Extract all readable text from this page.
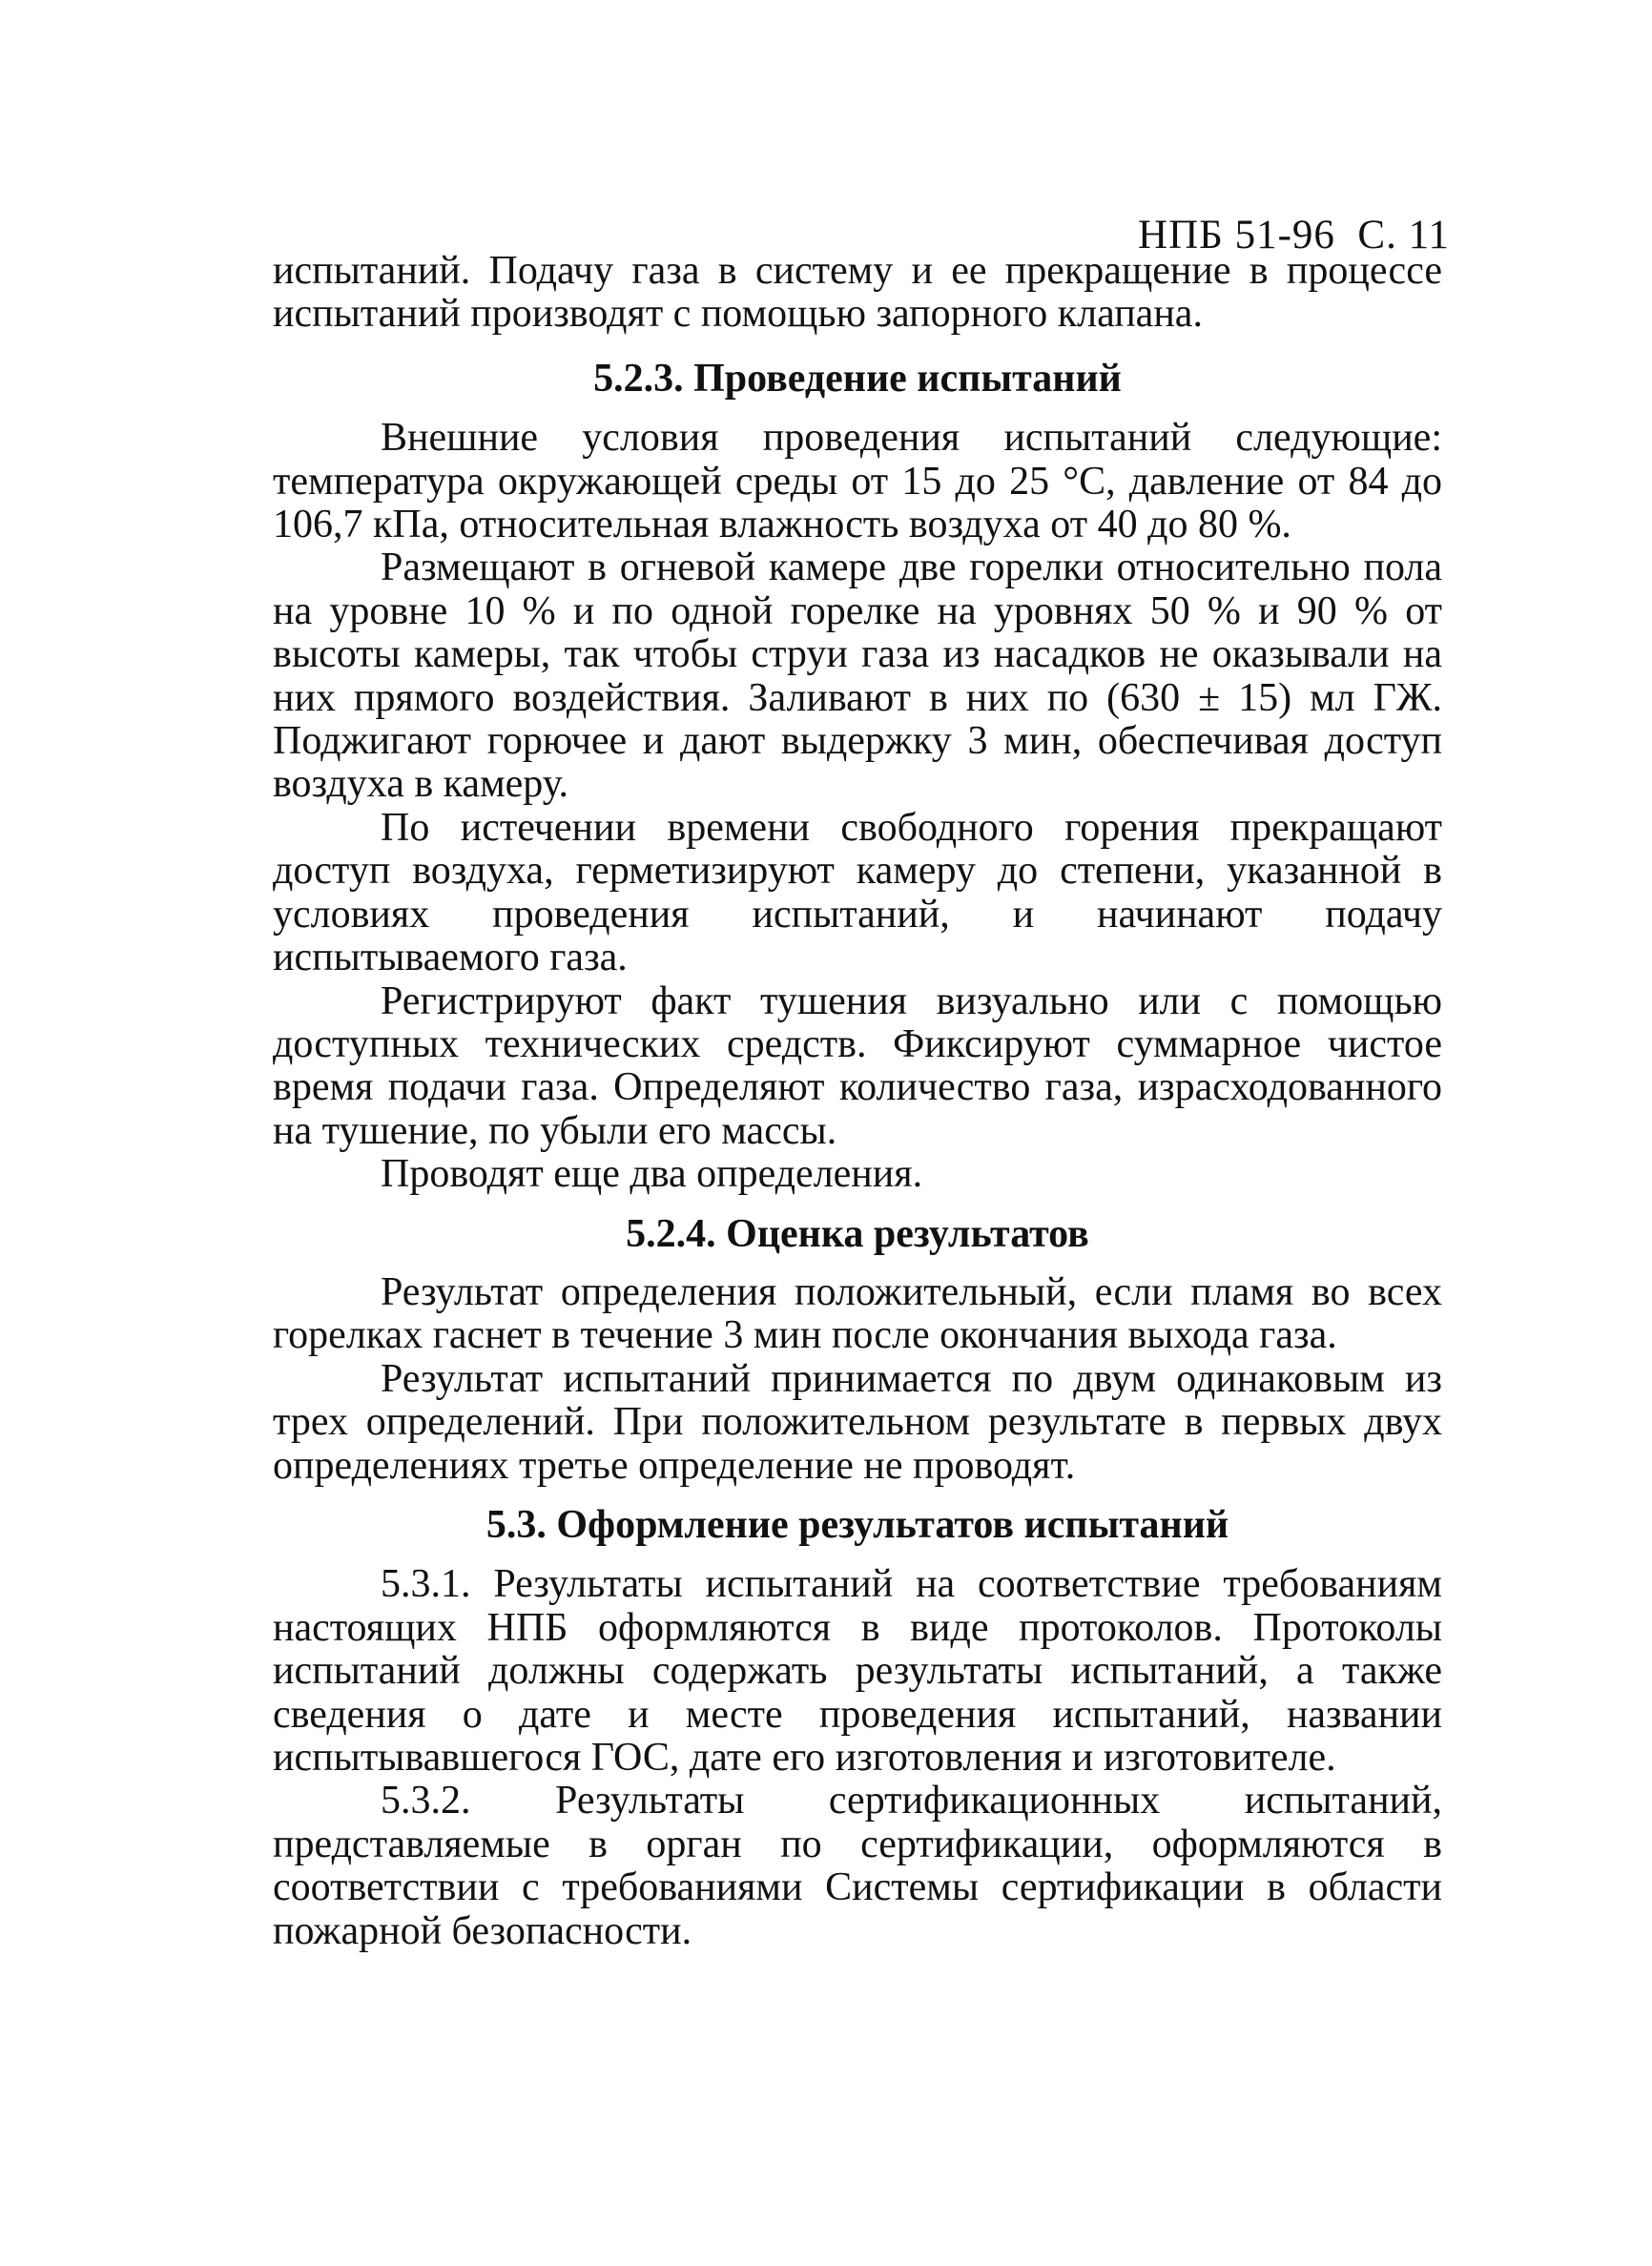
НПБ 51-96 С. 11

испытаний. Подачу газа в систему и ее прекращение в процессе испытаний производят с помощью запорного клапана.

5.2.3. Проведение испытаний

Внешние условия проведения испытаний следующие: температура окружающей среды от 15 до 25 °С, давление от 84 до 106,7 кПа, относительная влажность воздуха от 40 до 80 %.

Размещают в огневой камере две горелки относительно пола на уровне 10 % и по одной горелке на уровнях 50 % и 90 % от высоты камеры, так чтобы струи газа из насадков не оказывали на них прямого воздействия. Заливают в них по (630 ± 15) мл ГЖ. Поджигают горючее и дают выдержку 3 мин, обеспечивая доступ воздуха в камеру.

По истечении времени свободного горения прекращают доступ воздуха, герметизируют камеру до степени, указанной в условиях проведения испытаний, и начинают подачу испытываемого газа.

Регистрируют факт тушения визуально или с помощью доступных технических средств. Фиксируют суммарное чистое время подачи газа. Определяют количество газа, израсходованного на тушение, по убыли его массы.

Проводят еще два определения.

5.2.4. Оценка результатов

Результат определения положительный, если пламя во всех горелках гаснет в течение 3 мин после окончания выхода газа.

Результат испытаний принимается по двум одинаковым из трех определений. При положительном результате в первых двух определениях третье определение не проводят.

5.3. Оформление результатов испытаний

5.3.1. Результаты испытаний на соответствие требованиям настоящих НПБ оформляются в виде протоколов. Протоколы испытаний должны содержать результаты испытаний, а также сведения о дате и месте проведения испытаний, названии испытывавшегося ГОС, дате его изготовления и изготовителе.

5.3.2. Результаты сертификационных испытаний, представляемые в орган по сертификации, оформляются в соответствии с требованиями Системы сертификации в области пожарной безопасности.
